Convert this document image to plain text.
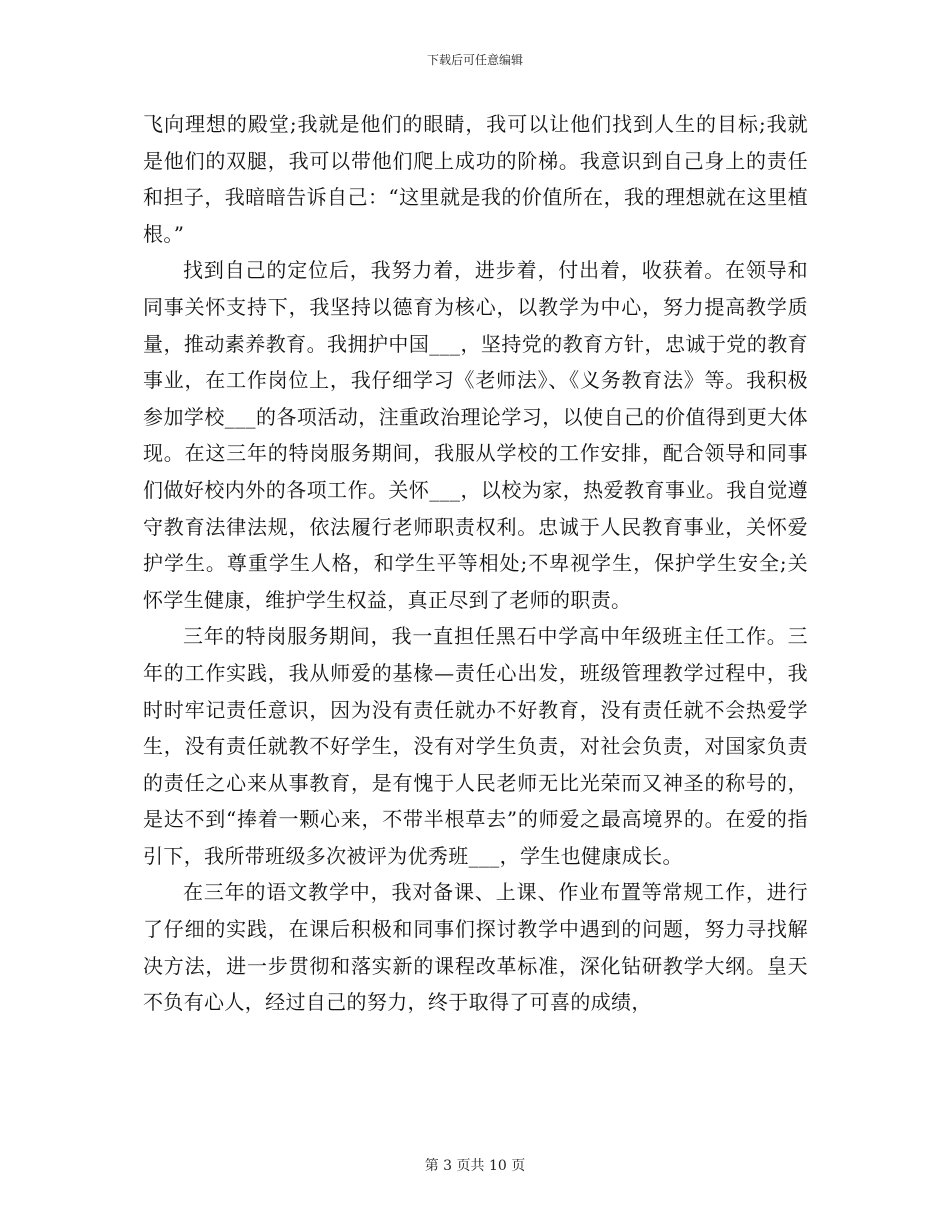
下载后可任意编辑

飞向理想的殿堂;我就是他们的眼睛，我可以让他们找到人生的目标;我就是他们的双腿，我可以带他们爬上成功的阶梯。我意识到自己身上的责任和担子，我暗暗告诉自己：“这里就是我的价值所在，我的理想就在这里植根。”

找到自己的定位后，我努力着，进步着，付出着，收获着。在领导和同事关怀支持下，我坚持以德育为核心，以教学为中心，努力提高教学质量，推动素养教育。我拥护中国___，坚持党的教育方针，忠诚于党的教育事业，在工作岗位上，我仔细学习《老师法》、《义务教育法》等。我积极参加学校___的各项活动，注重政治理论学习，以使自己的价值得到更大体现。在这三年的特岗服务期间，我服从学校的工作安排，配合领导和同事们做好校内外的各项工作。关怀___，以校为家，热爱教育事业。我自觉遵守教育法律法规，依法履行老师职责权利。忠诚于人民教育事业，关怀爱护学生。尊重学生人格，和学生平等相处;不卑视学生，保护学生安全;关怀学生健康，维护学生权益，真正尽到了老师的职责。

三年的特岗服务期间，我一直担任黑石中学高中年级班主任工作。三年的工作实践，我从师爱的基椽—责任心出发，班级管理教学过程中，我时时牢记责任意识，因为没有责任就办不好教育，没有责任就不会热爱学生，没有责任就教不好学生，没有对学生负责，对社会负责，对国家负责的责任之心来从事教育，是有愧于人民老师无比光荣而又神圣的称号的，是达不到“捧着一颗心来，不带半根草去”的师爱之最高境界的。在爱的指引下，我所带班级多次被评为优秀班___，学生也健康成长。

在三年的语文教学中，我对备课、上课、作业布置等常规工作，进行了仔细的实践，在课后积极和同事们探讨教学中遇到的问题，努力寻找解决方法，进一步贯彻和落实新的课程改革标准，深化钻研教学大纲。皇天不负有心人，经过自己的努力，终于取得了可喜的成绩，

第 3 页共 10 页
